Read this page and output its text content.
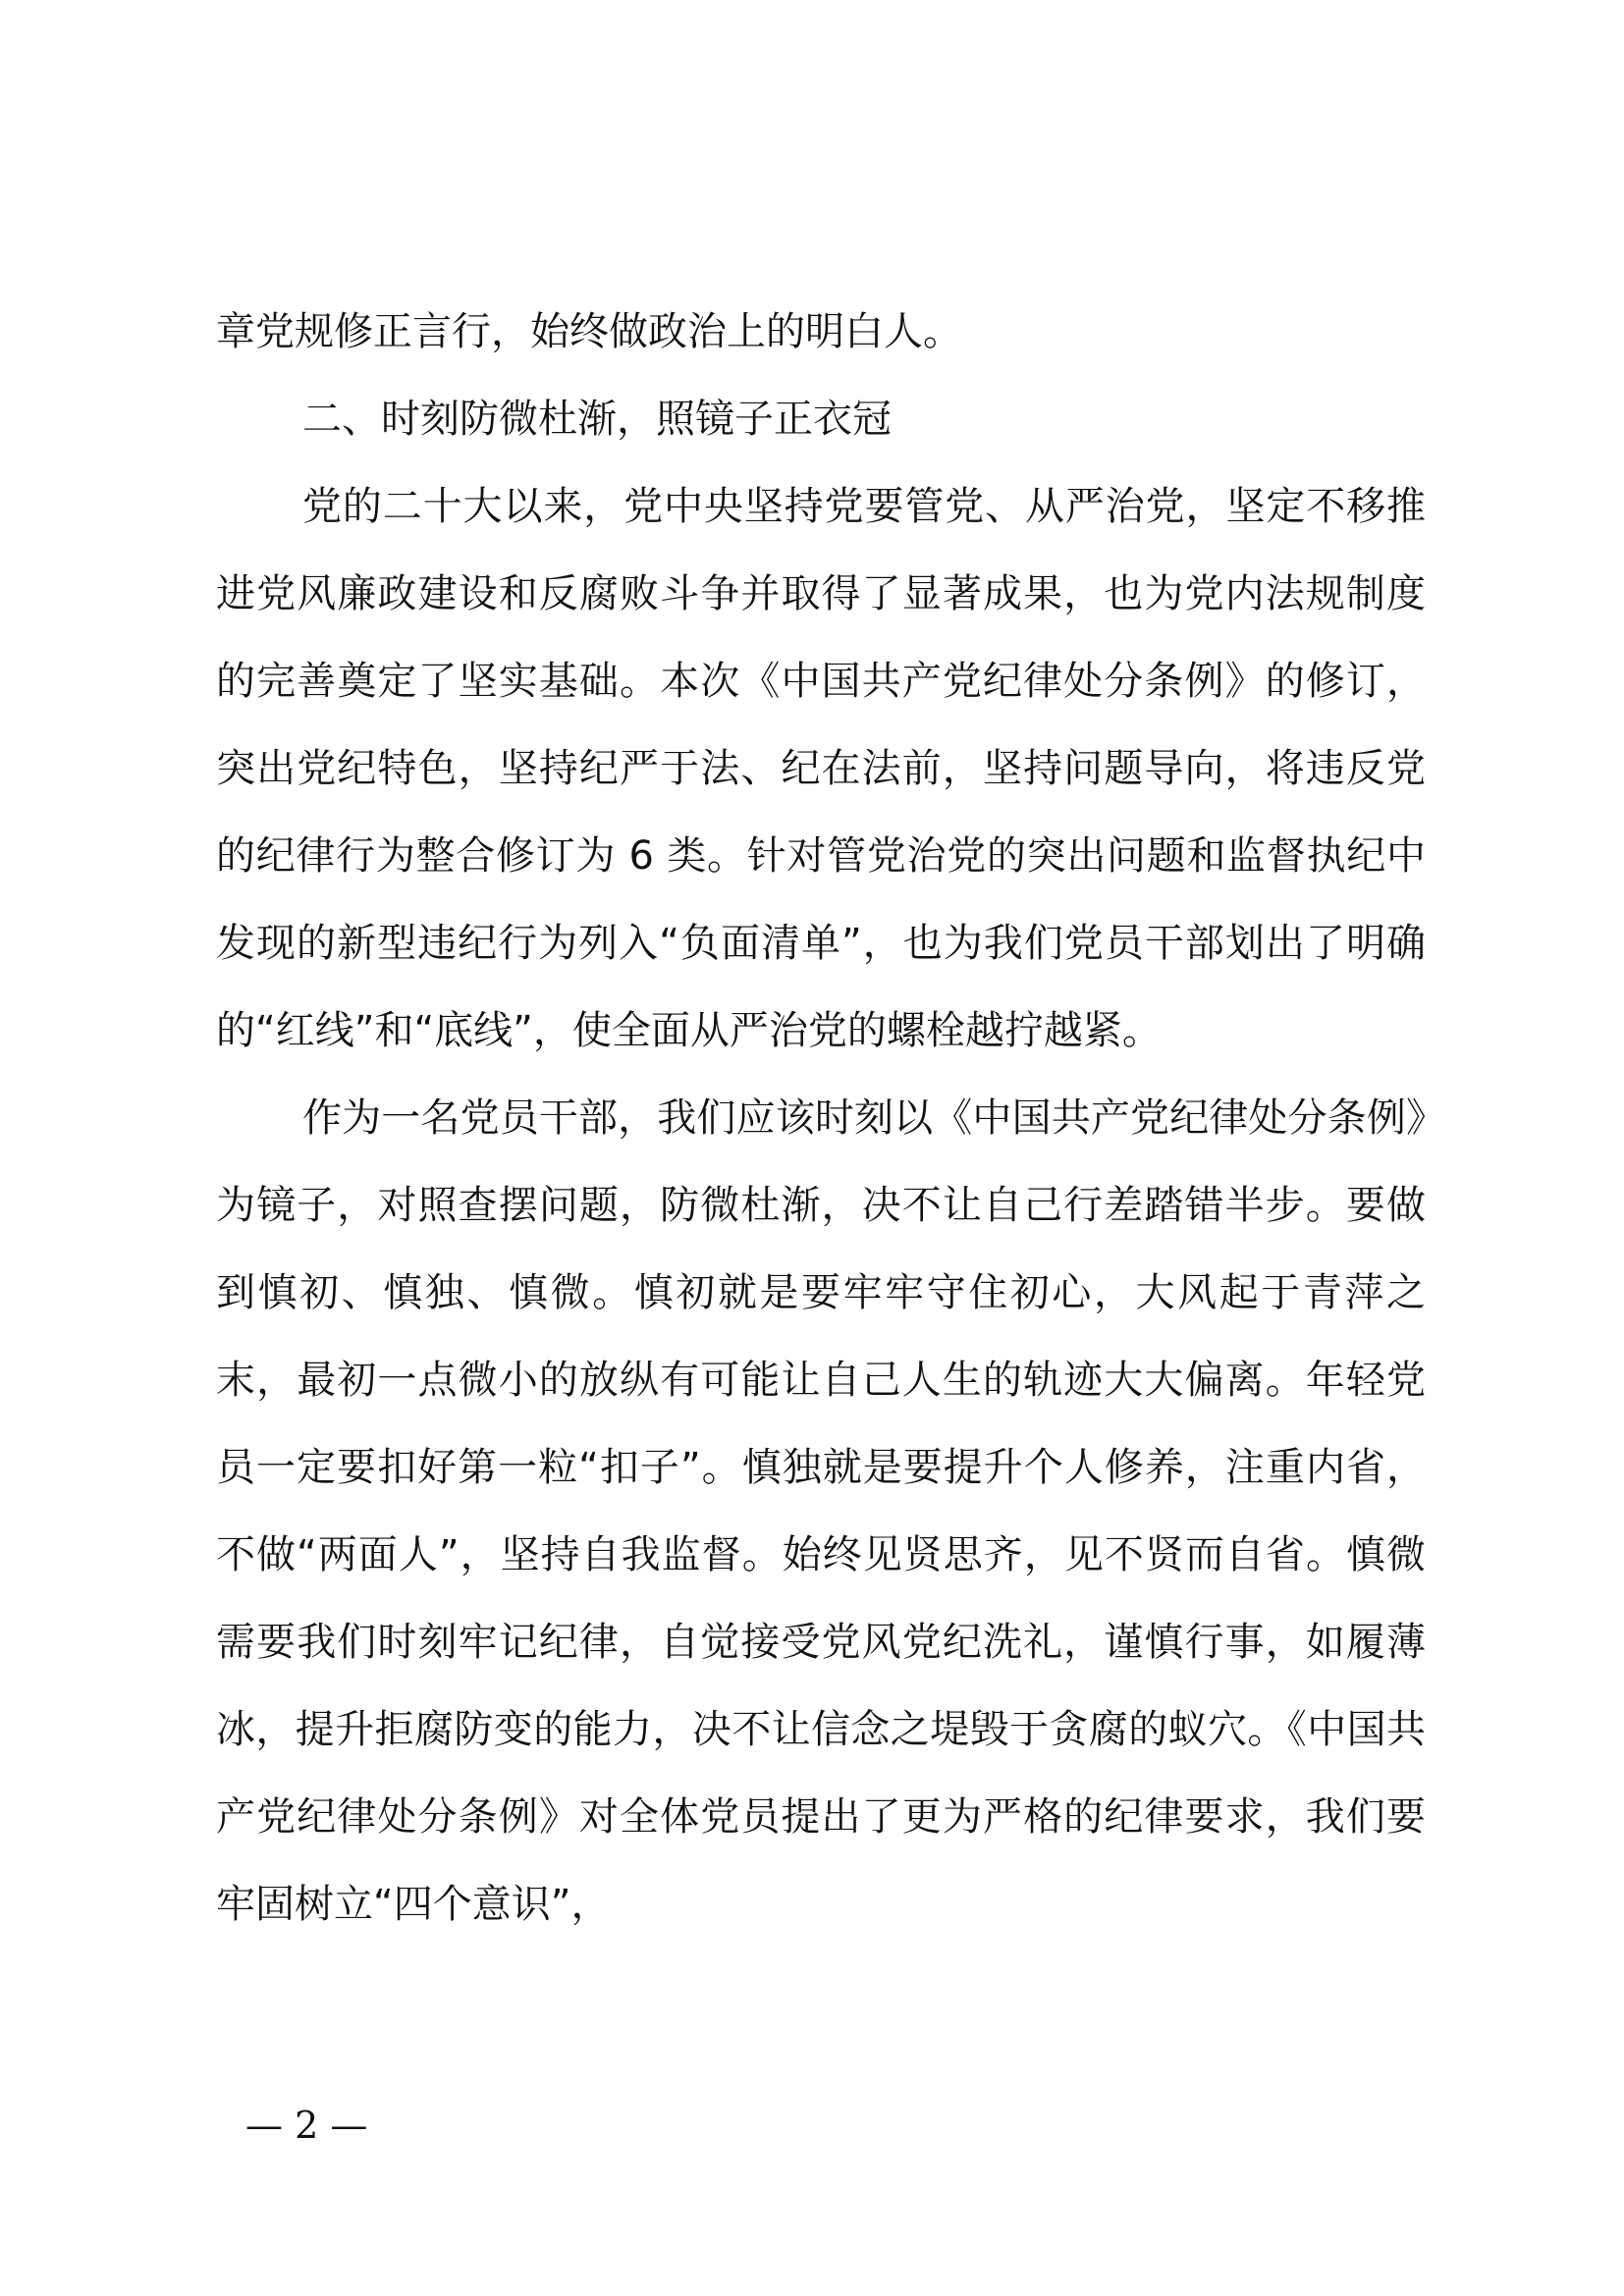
章党规修正言行，始终做政治上的明白人。

二、时刻防微杜渐，照镜子正衣冠

党的二十大以来，党中央坚持党要管党、从严治党，坚定不移推进党风廉政建设和反腐败斗争并取得了显著成果，也为党内法规制度的完善奠定了坚实基础。本次《中国共产党纪律处分条例》的修订，突出党纪特色，坚持纪严于法、纪在法前，坚持问题导向，将违反党的纪律行为整合修订为 6 类。针对管党治党的突出问题和监督执纪中发现的新型违纪行为列入“负面清单”，也为我们党员干部划出了明确的“红线”和“底线”，使全面从严治党的螺栓越拧越紧。

作为一名党员干部，我们应该时刻以《中国共产党纪律处分条例》为镜子，对照查摆问题，防微杜渐，决不让自己行差踏错半步。要做到慎初、慎独、慎微。慎初就是要牢牢守住初心，大风起于青萍之末，最初一点微小的放纵有可能让自己人生的轨迹大大偏离。年轻党员一定要扣好第一粒“扣子”。慎独就是要提升个人修养，注重内省，不做“两面人”，坚持自我监督。始终见贤思齐，见不贤而自省。慎微需要我们时刻牢记纪律，自觉接受党风党纪洗礼，谨慎行事，如履薄冰，提升拒腐防变的能力，决不让信念之堤毁于贪腐的蚁穴。《中国共产党纪律处分条例》对全体党员提出了更为严格的纪律要求，我们要牢固树立“四个意识”，

— 2 —
